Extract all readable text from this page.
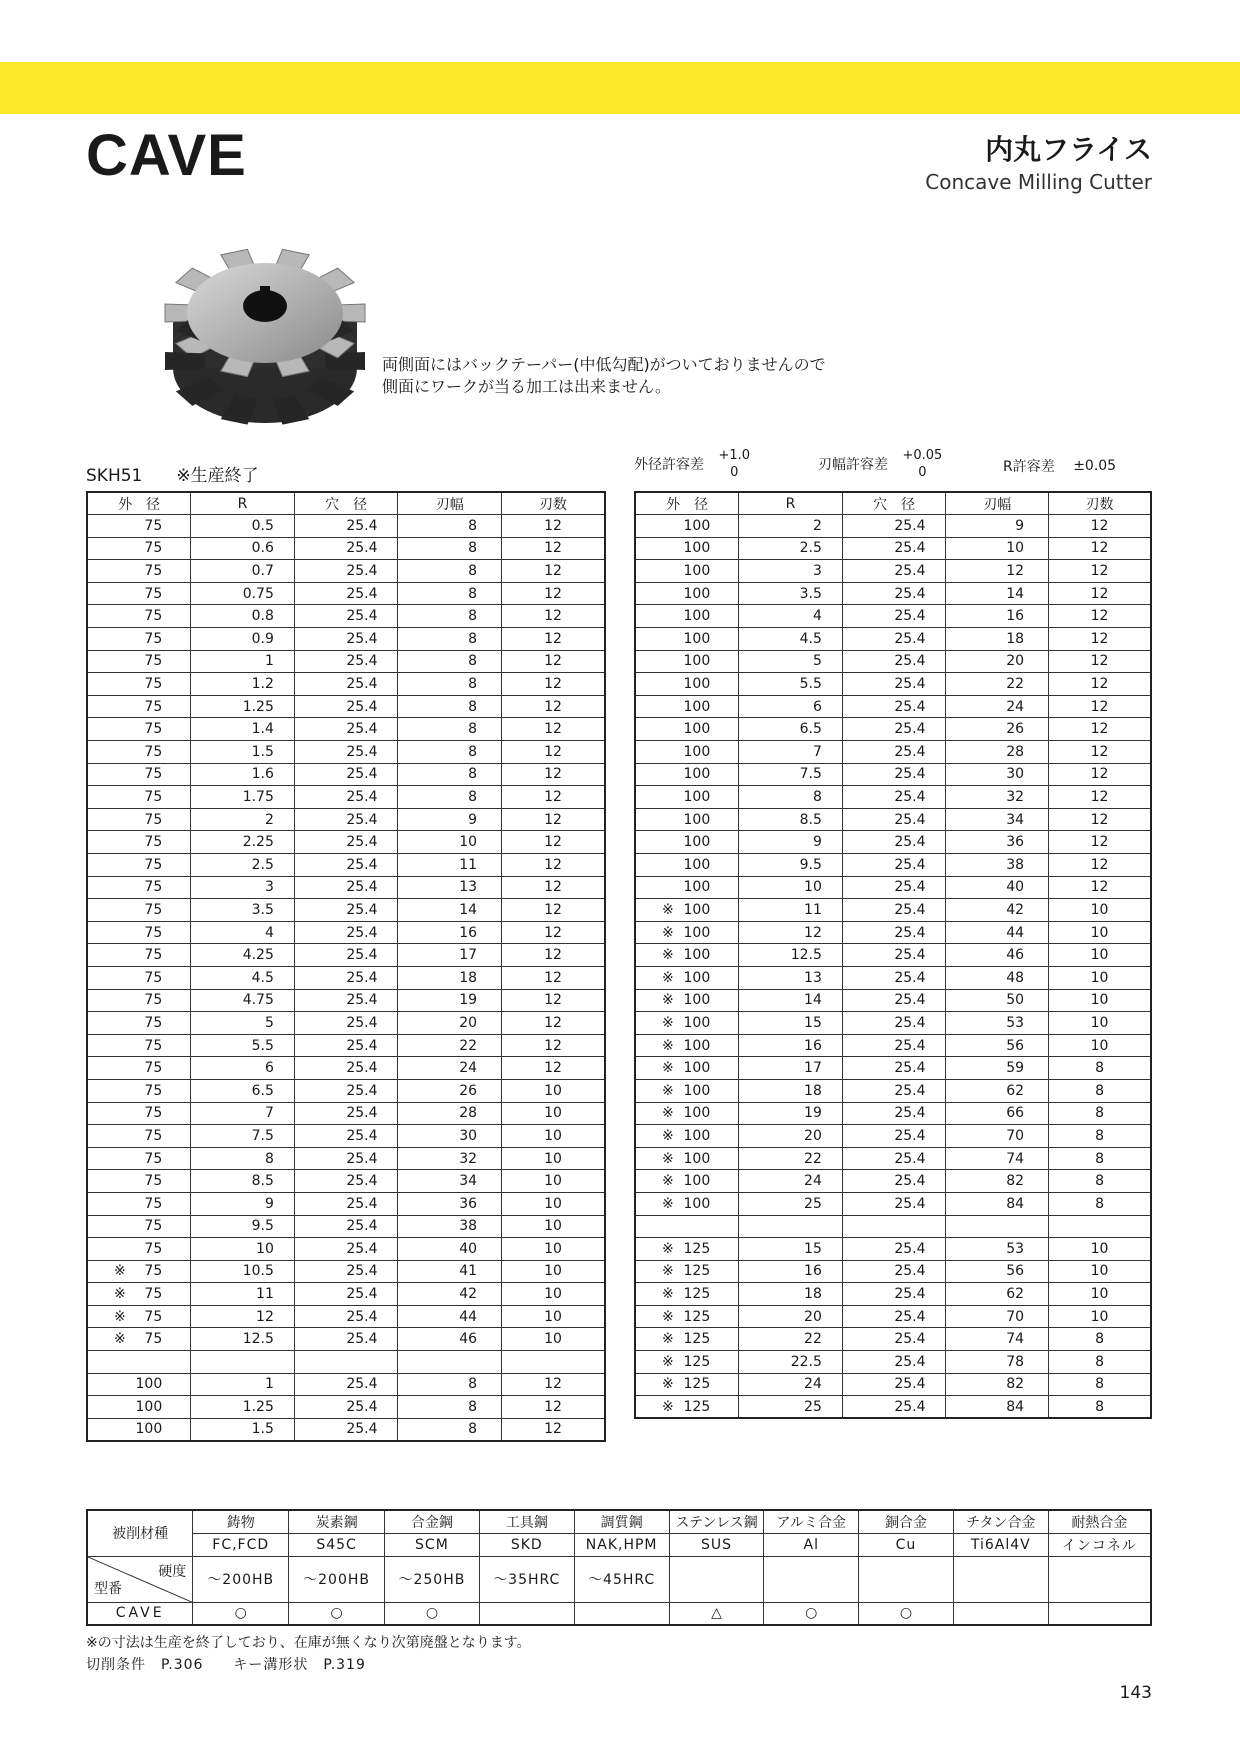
CAVE	内丸フライス
Concave Milling Cutter
両側面にはバックテーパー(中低勾配)がついておりませんので
側面にワークが当る加工は出来ません。
SKH51　　※生産終了
外径許容差
+1.0
0	刃幅許容差
+0.05
0	R許容差 ±0.05
外　径	R	穴　径	刃幅	刃数

75	0.5	25.4	8	12

75	0.6	25.4	8	12

75	0.7	25.4	8	12

75	0.75	25.4	8	12

75	0.8	25.4	8	12

75	0.9	25.4	8	12

75	1	25.4	8	12

75	1.2	25.4	8	12

75	1.25	25.4	8	12

75	1.4	25.4	8	12

75	1.5	25.4	8	12

75	1.6	25.4	8	12

75	1.75	25.4	8	12

75	2	25.4	9	12

75	2.25	25.4	10	12

75	2.5	25.4	11	12

75	3	25.4	13	12

75	3.5	25.4	14	12

75	4	25.4	16	12

75	4.25	25.4	17	12

75	4.5	25.4	18	12

75	4.75	25.4	19	12

75	5	25.4	20	12

75	5.5	25.4	22	12

75	6	25.4	24	12

75	6.5	25.4	26	10

75	7	25.4	28	10

75	7.5	25.4	30	10

75	8	25.4	32	10

75	8.5	25.4	34	10

75	9	25.4	36	10

75	9.5	25.4	38	10

75	10	25.4	40	10

※ 75	10.5	25.4	41	10

※ 75	11	25.4	42	10

※ 75	12	25.4	44	10

※ 75	12.5	25.4	46	10

100	1	25.4	8	12

100	1.25	25.4	8	12

100	1.5	25.4	8	12
外　径	R	穴　径	刃幅	刃数

100	2	25.4	9	12

100	2.5	25.4	10	12

100	3	25.4	12	12

100	3.5	25.4	14	12

100	4	25.4	16	12

100	4.5	25.4	18	12

100	5	25.4	20	12

100	5.5	25.4	22	12

100	6	25.4	24	12

100	6.5	25.4	26	12

100	7	25.4	28	12

100	7.5	25.4	30	12

100	8	25.4	32	12

100	8.5	25.4	34	12

100	9	25.4	36	12

100	9.5	25.4	38	12

100	10	25.4	40	12

※ 100	11	25.4	42	10

※ 100	12	25.4	44	10

※ 100	12.5	25.4	46	10

※ 100	13	25.4	48	10

※ 100	14	25.4	50	10

※ 100	15	25.4	53	10

※ 100	16	25.4	56	10

※ 100	17	25.4	59	8

※ 100	18	25.4	62	8

※ 100	19	25.4	66	8

※ 100	20	25.4	70	8

※ 100	22	25.4	74	8

※ 100	24	25.4	82	8

※ 100	25	25.4	84	8

※ 125	15	25.4	53	10

※ 125	16	25.4	56	10

※ 125	18	25.4	62	10

※ 125	20	25.4	70	10

※ 125	22	25.4	74	8

※ 125	22.5	25.4	78	8

※ 125	24	25.4	82	8

※ 125	25	25.4	84	8
被削材種	鋳物	炭素鋼	合金鋼	工具鋼	調質鋼	ステンレス鋼	アルミ合金	銅合金	チタン合金	耐熱合金
	FC,FCD	S45C	SCM	SKD	NAK,HPM	SUS	Al	Cu	Ti6Al4V	インコネル

硬度
型番	～200HB	～200HB	～250HB	～35HRC	～45HRC					
CAVE	○	○	○			△	○	○		
※の寸法は生産を終了しており、在庫が無くなり次第廃盤となります。
切削条件　P.306　　キー溝形状　P.319
143
